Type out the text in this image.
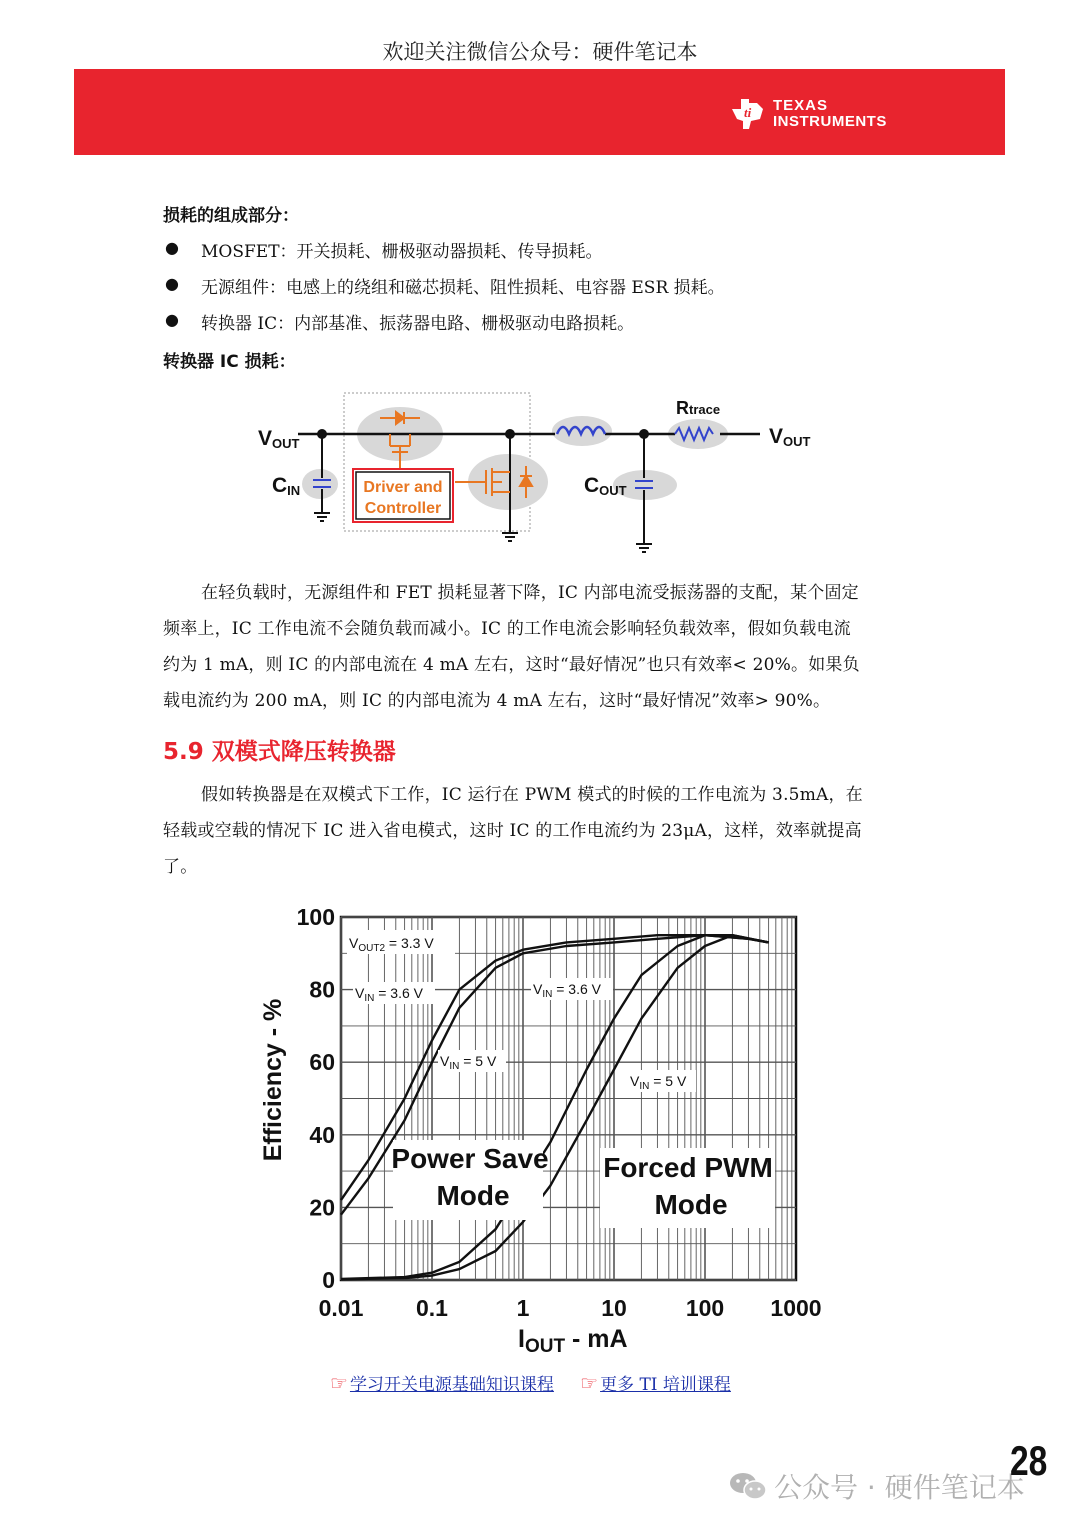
欢迎关注微信公众号：硬件笔记本
ti TEXAS
INSTRUMENTS
损耗的组成部分：
● MOSFET：开关损耗、栅极驱动器损耗、传导损耗。
● 无源组件：电感上的绕组和磁芯损耗、阻性损耗、电容器 ESR 损耗。
● 转换器 IC：内部基准、振荡器电路、栅极驱动电路损耗。
转换器 IC 损耗：
Driver and
Controller
VOUT
CIN	COUT
Rtrace
VOUT
在轻负载时，无源组件和 FET 损耗显著下降，IC 内部电流受振荡器的支配，某个固定
频率上，IC 工作电流不会随负载而减小。IC 的工作电流会影响轻负载效率，假如负载电流
约为 1 mA，则 IC 的内部电流在 4 mA 左右，这时“最好情况”也只有效率< 20%。如果负
载电流约为 200 mA，则 IC 的内部电流为 4 mA 左右，这时“最好情况”效率> 90%。
5.9 双模式降压转换器
假如转换器是在双模式下工作，IC 运行在 PWM 模式的时候的工作电流为 3.5mA，在
轻载或空载的情况下 IC 进入省电模式，这时 IC 的工作电流约为 23μA，这样，效率就提高
了。
$V_{OUT2} = 3.3$ V
$V_{IN} = 3.6$ V
$V_{IN} = 5$ V
$V_{IN} = 3.6$ V
$V_{IN} = 5$ V
Power Save
Mode
Forced PWM
Mode
0.01 0.1	1	10	100 1000
0
20
40
60
80
100
Efficiency - %
$I_{OUT}$ - mA
☞ 学习开关电源基础知识课程 ☞ 更多 TI 培训课程
公众号 · 硬件笔记本
28
